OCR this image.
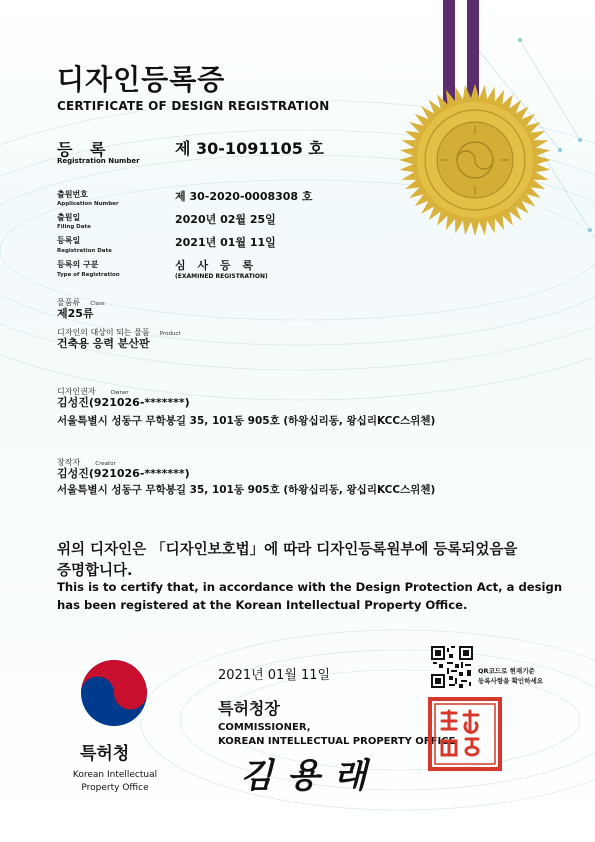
디자인등록증
CERTIFICATE OF DESIGN REGISTRATION
등 록
Registration Number
제 30-1091105 호
출원번호
Application Number
제 30-2020-0008308 호
출원일
Filing Date
2020년 02월 25일
등록일
Registration Date
2021년 01월 11일
등록의 구분
Type of Registration
심 사 등 록
(EXAMINED REGISTRATION)
물품류 Class
제25류
디자인의 대상이 되는 물품 Product
건축용 응력 분산판
디자인권자	Owner
김성진(921026-*******)
서울특별시 성동구 무학봉길 35, 101동 905호 (하왕십리동, 왕십리KCC스위첸)
창작자	Creator
김성진(921026-*******)
서울특별시 성동구 무학봉길 35, 101동 905호 (하왕십리동, 왕십리KCC스위첸)
위의 디자인은 「디자인보호법」에 따라 디자인등록원부에 등록되었음을
증명합니다.
This is to certify that, in accordance with the Design Protection Act, a design
has been registered at the Korean Intellectual Property Office.
특허청
Korean Intellectual
Property Office
2021년 01월 11일
특허청장
COMMISSIONER,
KOREAN INTELLECTUAL PROPERTY OFFICE
김용래
QR코드로 현재기준
등록사항을 확인하세요
